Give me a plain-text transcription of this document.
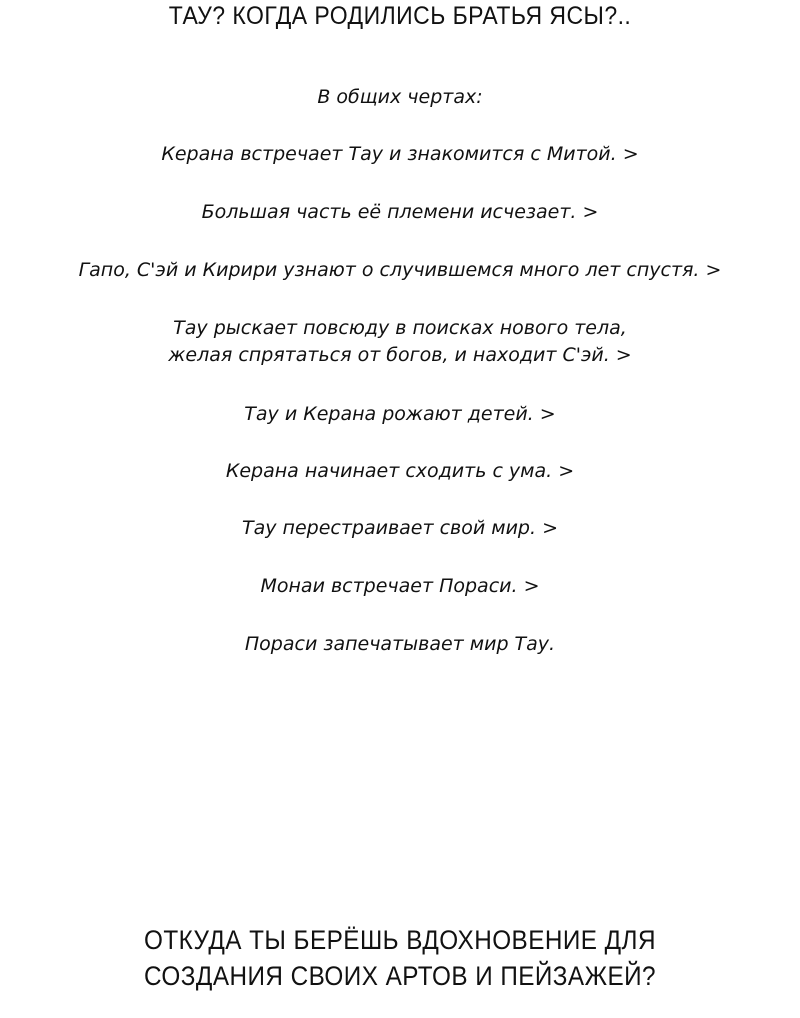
ТАУ? КОГДА РОДИЛИСЬ БРАТЬЯ ЯСЫ?..

В общих чертах:

Керана встречает Тау и знакомится с Митой. >

Большая часть её племени исчезает. >

Гапо, С'эй и Кирири узнают о случившемся много лет спустя. >

Тау рыскает повсюду в поисках нового тела,

желая спрятаться от богов, и находит С'эй. >

Тау и Керана рожают детей. >

Керана начинает сходить с ума. >

Тау перестраивает свой мир. >

Монаи встречает Пораси. >

Пораси запечатывает мир Тау.

ОТКУДА ТЫ БЕРЁШЬ ВДОХНОВЕНИЕ ДЛЯ
СОЗДАНИЯ СВОИХ АРТОВ И ПЕЙЗАЖЕЙ?
